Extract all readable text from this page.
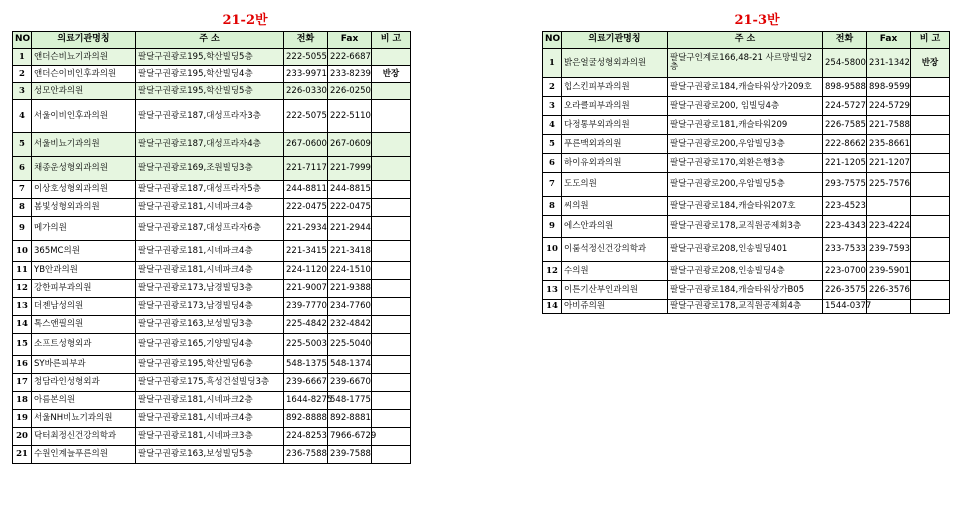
21-2반
NO	의료기관명칭	주 소	전화	Fax	비 고
1	앤더슨비뇨기과의원	팔달구권광로195,학산빌딩5층	222-5055	222-6687	
2	앤더슨이비인후과의원	팔달구권광로195,학산빌딩4층	233-9971	233-8239	반장
3	성모안과의원	팔달구권광로195,학산빌딩5층	226-0330	226-0250	
4	서울이비인후과의원	팔달구권광로187,대성프라자3층	222-5075	222-5110	
5	서울비뇨기과의원	팔달구권광로187,대성프라자4층	267-0600	267-0609	
6	채종운성형외과의원	팔달구권광로169,조원빌딩3층	221-7117	221-7999	
7	이상호성형외과의원	팔달구권광로187,대성프라자5층	244-8811	244-8815	
8	봄빛성형외과의원	팔달구권광로181,시네파크4층	222-0475	222-0475	
9	메가의원	팔달구권광로187,대성프라자6층	221-2934	221-2944	
10	365MC의원	팔달구권광로181,시네파크4층	221-3415	221-3418	
11	YB안과의원	팔달구권광로181,시네파크4층	224-1120	224-1510	
12	강한피부과의원	팔달구권광로173,남경빌딩3층	221-9007	221-9388	
13	더젠남성의원	팔달구권광로173,남경빌딩4층	239-7770	234-7760	
14	톡스앤필의원	팔달구권광로163,보성빌딩3층	225-4842	232-4842	
15	소프트성형외과	팔달구권광로165,기양빌딩4층	225-5003	225-5040	
16	SY바른피부과	팔달구권광로195,학산빌딩6층	548-1375	548-1374	
17	청담라인성형외과	팔달구권광로175,흑성건설빌딩3층	239-6667	239-6670	
18	아름본의원	팔달구권광로181,시네파크2층	1644-8275	548-1775	
19	서울NH비뇨기과의원	팔달구권광로181,시네파크4층	892-8888	892-8881	
20	닥터최정신건강의학과	팔달구권광로181,시네파크3층	224-8253	7966-6729	
21	수원인계늘푸른의원	팔달구권광로163,보성빌딩5층	236-7588	239-7588	
21-3반
NO	의료기관명칭	주 소	전화	Fax	비 고
1	밝은얼굴성형외과의원	팔달구인계로166,48-21 사르망빌딩2층	254-5800	231-1342	반장
2	힙스킨피부과의원	팔달구권광로184,캐슬타워상가209호	898-9588	898-9599	
3	오라클피부과의원	팔달구권광로200, 임빌딩4층	224-5727	224-5729	
4	다정통부외과의원	팔달구권광로181,캐슬타워209	226-7585	221-7588	
5	푸른맥외과의원	팔달구권광로200,우암빌딩3층	222-8662	235-8661	
6	하이유외과의원	팔달구권광로170,외환은행3층	221-1205	221-1207	
7	도도의원	팔달구권광로200,우암빌딩5층	293-7575	225-7576	
8	씨의원	팔달구권광로184,캐슬타워207호	223-4523		
9	에스안과의원	팔달구권광로178,교직원공제회3층	223-4343	223-4224	
10	이룸석정신건강의학과	팔달구권광로208,인송빌딩401	233-7533	239-7593	
12	수의원	팔달구권광로208,인송빌딩4층	223-0700	239-5901	
13	이튼기산부인과의원	팔달구권광로184,캐슬타워상가B05	226-3575	226-3576	
14	아비쥬의원	팔달구권광로178,교직원공제회4층	1544-0377		
